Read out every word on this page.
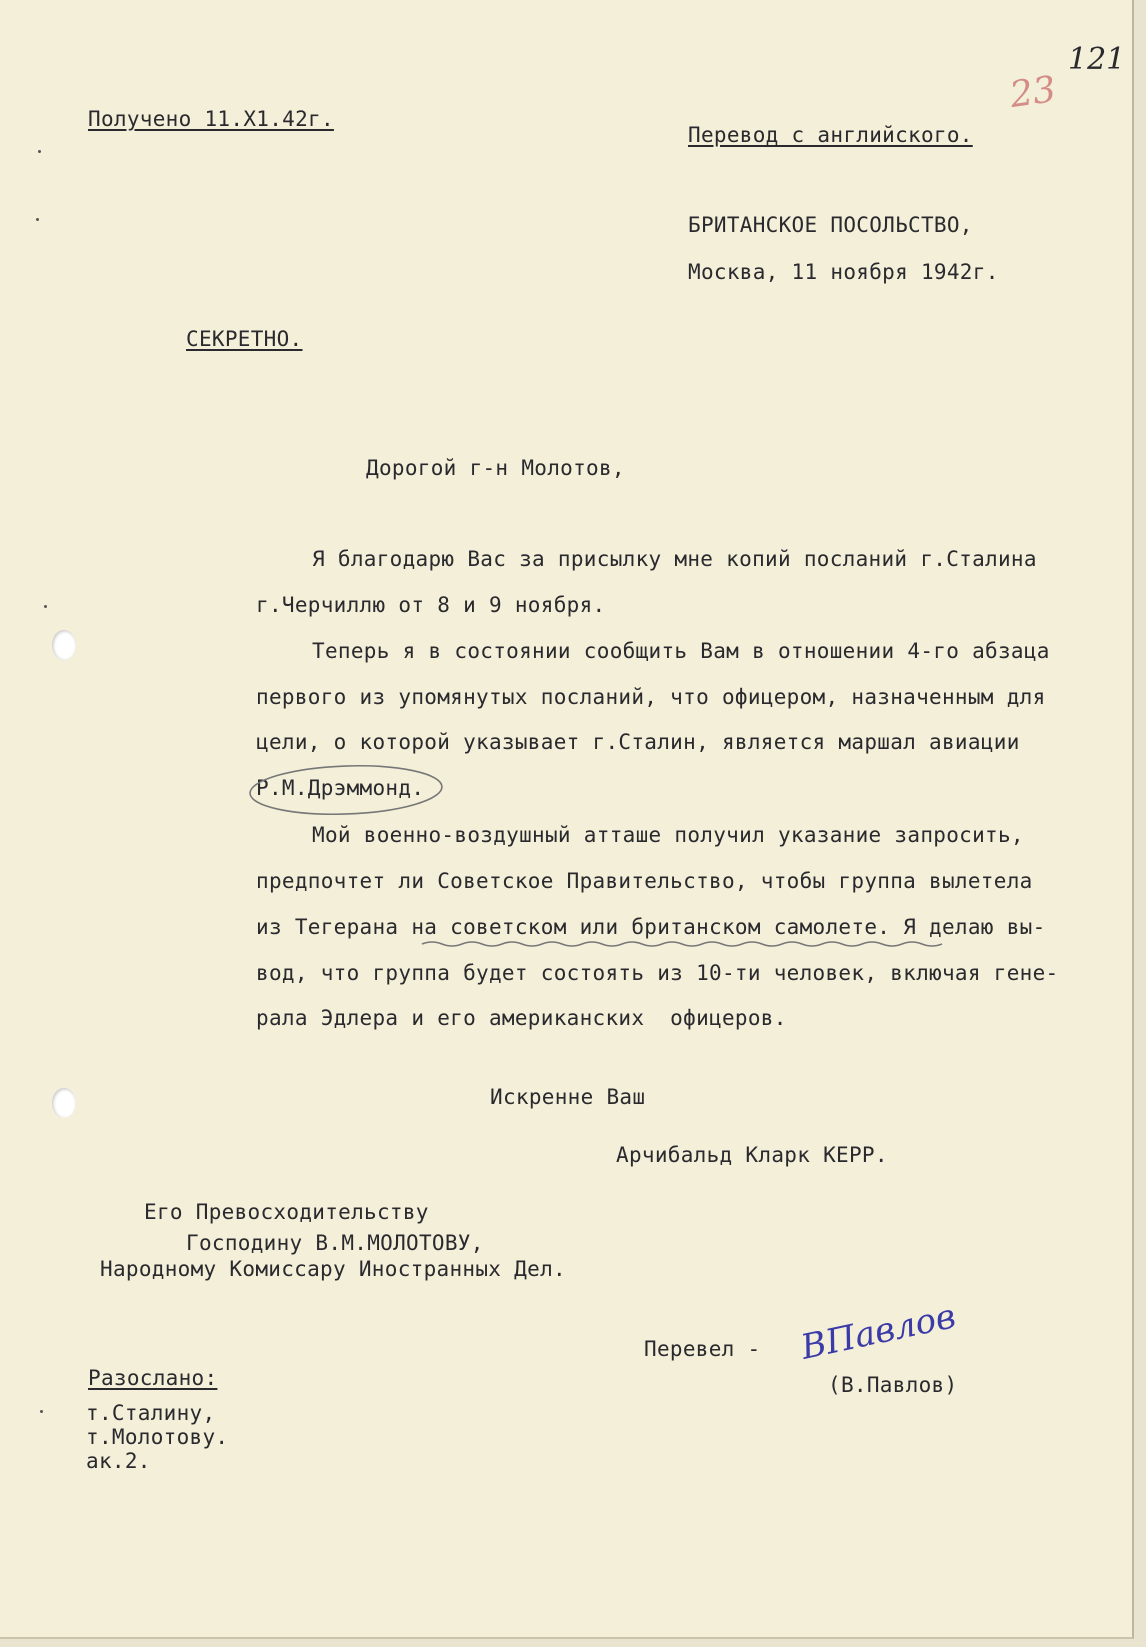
121
23
Получено 11.Х1.42г.
Перевод с английского.
БРИТАНСКОЕ ПОСОЛЬСТВО,
Москва, 11 ноября 1942г.
СЕКРЕТНО.
Дорогой г-н Молотов,
Я благодарю Вас за присылку мне копий посланий г.Сталина
г.Черчиллю от 8 и 9 ноября.
Теперь я в состоянии сообщить Вам в отношении 4-го абзаца
первого из упомянутых посланий, что офицером, назначенным для
цели, о которой указывает г.Сталин, является маршал авиации
Р.М.Дрэммонд.
Мой военно-воздушный атташе получил указание запросить,
предпочтет ли Советское Правительство, чтобы группа вылетела
из Тегерана на советском или британском самолете. Я делаю вы-
вод, что группа будет состоять из 10-ти человек, включая гене-
рала Эдлера и его американских  офицеров.
Искренне Ваш
Арчибальд Кларк КЕРР.
Его Превосходительству
Господину В.М.МОЛОТОВУ,
Народному Комиссару Иностранных Дел.
Перевел - ВПавлов
(В.Павлов)
Разослано:
т.Сталину,
т.Молотову.
ак.2.
